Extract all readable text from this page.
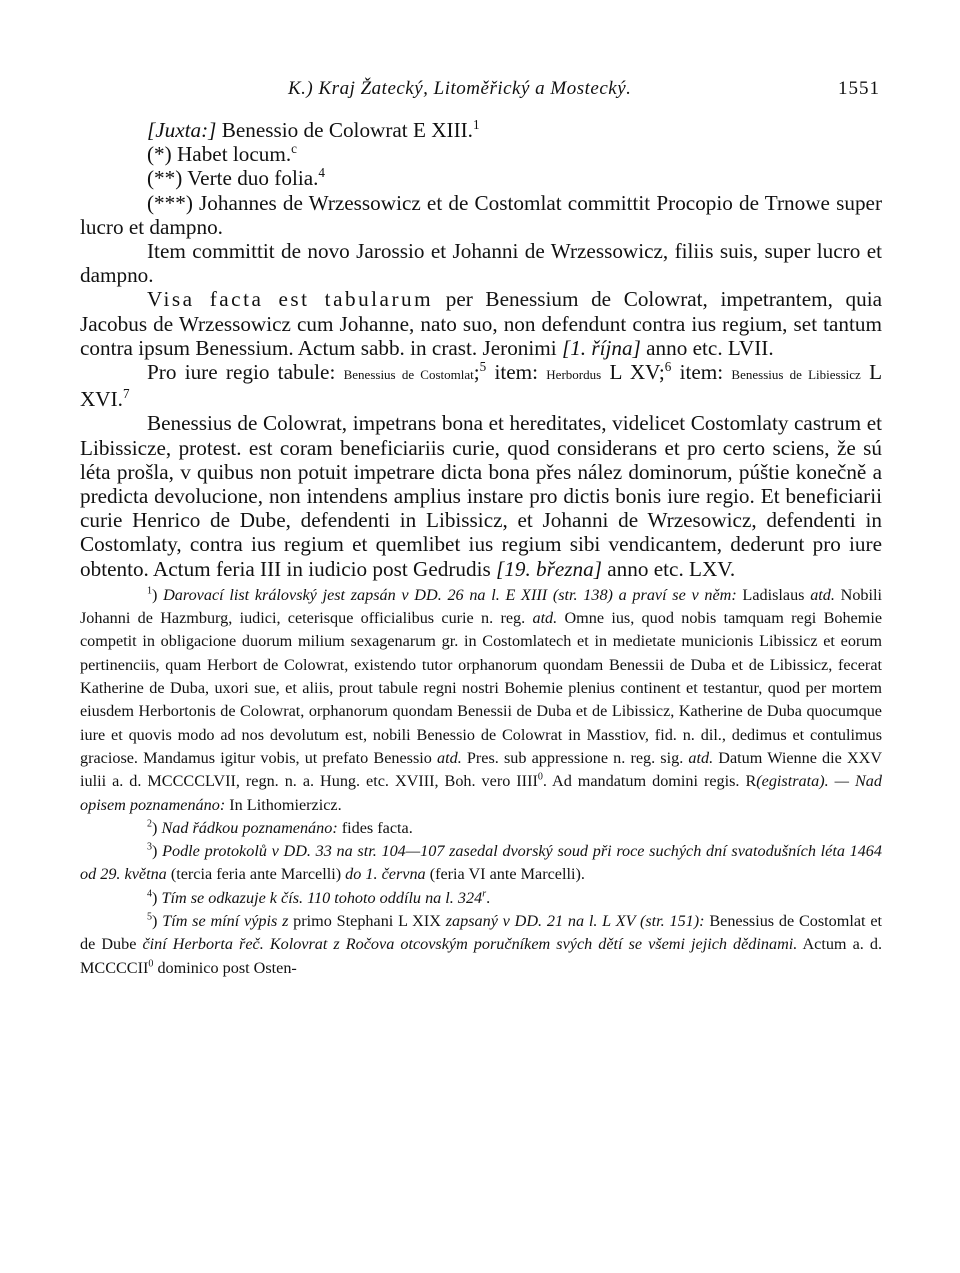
K.) Kraj Žatecký, Litoměřický a Mostecký.	1551

[Juxta:] Benessio de Colowrat E XIII.$^1$

(*) Habet locum.$^c$

(**) Verte duo folia.$^4$

(***) Johannes de Wrzessowicz et de Costomlat committit Procopio de Trnowe super lucro et dampno.

Item committit de novo Jarossio et Johanni de Wrzessowicz, filiis suis, super lucro et dampno.

Visa facta est tabularum per Benessium de Colowrat, impetrantem, quia Jacobus de Wrzessowicz cum Johanne, nato suo, non defendunt contra ius regium, set tantum contra ipsum Benessium. Actum sabb. in crast. Jeronimi [1. října] anno etc. LVII.

Pro iure regio tabule: Benessius de Costomlat;$^5$ item: Herbordus L XV;$^6$ item: Benessius de Libiessicz L XVI.$^7$

Benessius de Colowrat, impetrans bona et hereditates, videlicet Costomlaty castrum et Libissicze, protest. est coram beneficiariis curie, quod considerans et pro certo sciens, že sú léta prošla, v quibus non potuit impetrare dicta bona přes nález dominorum, púštie konečně a predicta devolucione, non intendens amplius instare pro dictis bonis iure regio. Et beneficiarii curie Henrico de Dube, defendenti in Libissicz, et Johanni de Wrzesowicz, defendenti in Costomlaty, contra ius regium et quemlibet ius regium sibi vendicantem, dederunt pro iure obtento. Actum feria III in iudicio post Gedrudis [19. března] anno etc. LXV.

$^1$) Darovací list královský jest zapsán v DD. 26 na l. E XIII (str. 138) a praví se v něm: Ladislaus atd. Nobili Johanni de Hazmburg, iudici, ceterisque officialibus curie n. reg. atd. Omne ius, quod nobis tamquam regi Bohemie competit in obligacione duorum milium sexagenarum gr. in Costomlatech et in medietate municionis Libissicz et eorum pertinenciis, quam Herbort de Colowrat, existendo tutor orphanorum quondam Benessii de Duba et de Libissicz, fecerat Katherine de Duba, uxori sue, et aliis, prout tabule regni nostri Bohemie plenius continent et testantur, quod per mortem eiusdem Herbortonis de Colowrat, orphanorum quondam Benessii de Duba et de Libissicz, Katherine de Duba quocumque iure et quovis modo ad nos devolutum est, nobili Benessio de Colowrat in Masstiov, fid. n. dil., dedimus et contulimus graciose. Mandamus igitur vobis, ut prefato Benessio atd. Pres. sub appressione n. reg. sig. atd. Datum Wienne die XXV iulii a. d. MCCCCLVII, regn. n. a. Hung. etc. XVIII, Boh. vero IIII$^0$. Ad mandatum domini regis. R(egistrata). — Nad opisem poznamenáno: In Lithomierzicz.

$^2$) Nad řádkou poznamenáno: fides facta.

$^3$) Podle protokolů v DD. 33 na str. 104—107 zasedal dvorský soud při roce suchých dní svatodušních léta 1464 od 29. května (tercia feria ante Marcelli) do 1. června (feria VI ante Marcelli).

$^4$) Tím se odkazuje k čís. 110 tohoto oddílu na l. 324$^r$.

$^5$) Tím se míní výpis z primo Stephani L XIX zapsaný v DD. 21 na l. L XV (str. 151): Benessius de Costomlat et de Dube činí Herborta řeč. Kolovrat z Ročova otcovským poručníkem svých dětí se všemi jejich dědinami. Actum a. d. MCCCCII$^0$ dominico post Osten-
